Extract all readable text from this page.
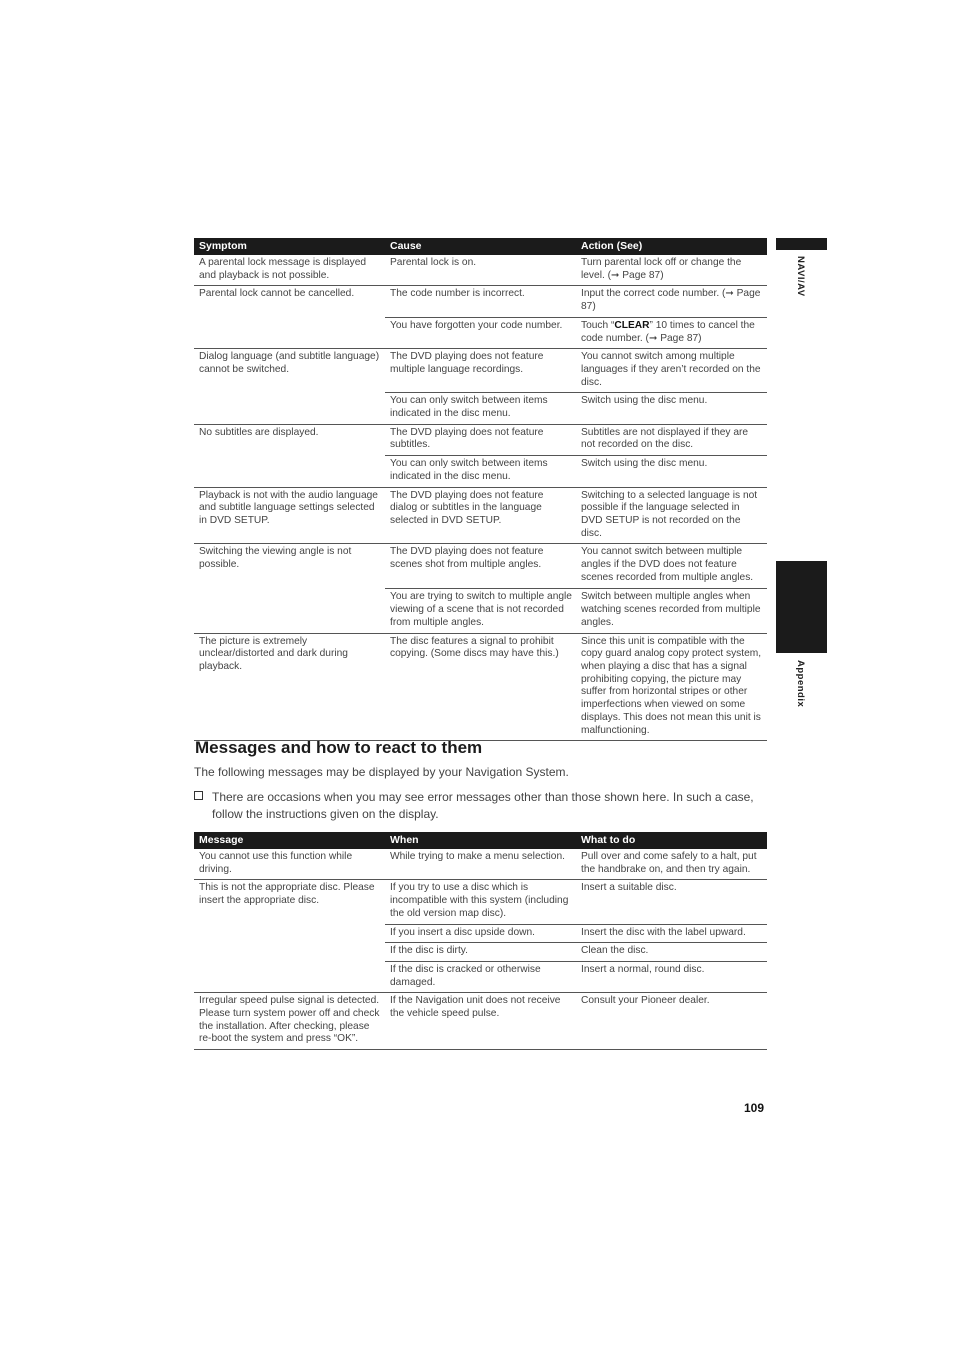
NAVI/AV
Appendix
Symptom	Cause	Action (See)
A parental lock message is displayed and playback is not possible.	Parental lock is on.	Turn parental lock off or change the level. (➞ Page 87)
Parental lock cannot be cancelled.	The code number is incorrect.	Input the correct code number. (➞ Page 87)
	You have forgotten your code number.	Touch “CLEAR” 10 times to cancel the code number. (➞ Page 87)
Dialog language (and subtitle language) cannot be switched.	The DVD playing does not feature multiple language recordings.	You cannot switch among multiple languages if they aren’t recorded on the disc.
	You can only switch between items indicated in the disc menu.	Switch using the disc menu.
No subtitles are displayed.	The DVD playing does not feature subtitles.	Subtitles are not displayed if they are not recorded on the disc.
	You can only switch between items indicated in the disc menu.	Switch using the disc menu.
Playback is not with the audio language and subtitle language settings selected in DVD SETUP.	The DVD playing does not feature dialog or subtitles in the language selected in DVD SETUP.	Switching to a selected language is not possible if the language selected in DVD SETUP is not recorded on the disc.
Switching the viewing angle is not possible.	The DVD playing does not feature scenes shot from multiple angles.	You cannot switch between multiple angles if the DVD does not feature scenes recorded from multiple angles.
	You are trying to switch to multiple angle viewing of a scene that is not recorded from multiple angles.	Switch between multiple angles when watching scenes recorded from multiple angles.
The picture is extremely unclear/distorted and dark during playback.	The disc features a signal to prohibit copying. (Some discs may have this.)	Since this unit is compatible with the copy guard analog copy protect system, when playing a disc that has a signal prohibiting copying, the picture may suffer from horizontal stripes or other imperfections when viewed on some displays. This does not mean this unit is malfunctioning.
Messages and how to react to them

The following messages may be displayed by your Navigation System.

There are occasions when you may see error messages other than those shown here. In such a case, follow the instructions given on the display.

Message	When	What to do
You cannot use this function while driving.	While trying to make a menu selection.	Pull over and come safely to a halt, put the handbrake on, and then try again.
This is not the appropriate disc. Please insert the appropriate disc.	If you try to use a disc which is incompatible with this system (including the old version map disc).	Insert a suitable disc.
	If you insert a disc upside down.	Insert the disc with the label upward.
	If the disc is dirty.	Clean the disc.
	If the disc is cracked or otherwise damaged.	Insert a normal, round disc.
Irregular speed pulse signal is detected. Please turn system power off and check the installation. After checking, please re-boot the system and press “OK”.	If the Navigation unit does not receive the vehicle speed pulse.	Consult your Pioneer dealer.
109
